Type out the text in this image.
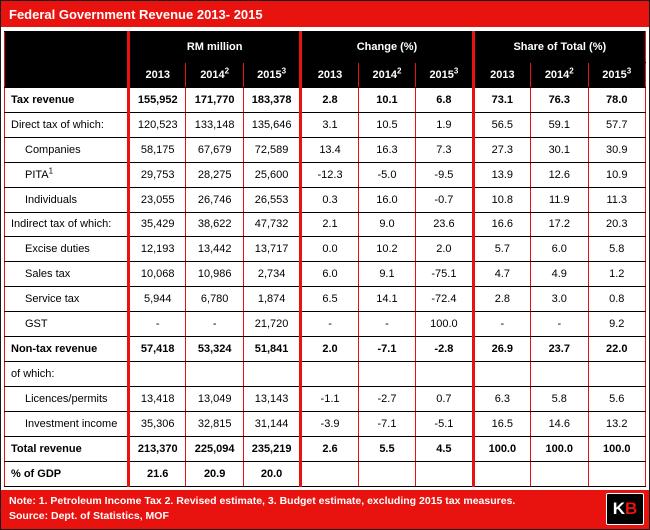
Federal Government Revenue 2013- 2015
	RM million			Change (%)			Share of Total (%)		
	2013	2014$^2$	2015$^3$	2013	2014$^2$	2015$^3$	2013	2014$^2$	2015$^3$
Tax revenue	155,952	171,770	183,378	2.8	10.1	6.8	73.1	76.3	78.0
Direct tax of which:	120,523	133,148	135,646	3.1	10.5	1.9	56.5	59.1	57.7
Companies	58,175	67,679	72,589	13.4	16.3	7.3	27.3	30.1	30.9
PITA$^1$	29,753	28,275	25,600	-12.3	-5.0	-9.5	13.9	12.6	10.9
Individuals	23,055	26,746	26,553	0.3	16.0	-0.7	10.8	11.9	11.3
Indirect tax of which:	35,429	38,622	47,732	2.1	9.0	23.6	16.6	17.2	20.3
Excise duties	12,193	13,442	13,717	0.0	10.2	2.0	5.7	6.0	5.8
Sales tax	10,068	10,986	2,734	6.0	9.1	-75.1	4.7	4.9	1.2
Service tax	5,944	6,780	1,874	6.5	14.1	-72.4	2.8	3.0	0.8
GST	-	-	21,720	-	-	100.0	-	-	9.2
Non-tax revenue	57,418	53,324	51,841	2.0	-7.1	-2.8	26.9	23.7	22.0
of which:									
Licences/permits	13,418	13,049	13,143	-1.1	-2.7	0.7	6.3	5.8	5.6
Investment income	35,306	32,815	31,144	-3.9	-7.1	-5.1	16.5	14.6	13.2
Total revenue	213,370	225,094	235,219	2.6	5.5	4.5	100.0	100.0	100.0
% of GDP	21.6	20.9	20.0						
Note: 1. Petroleum Income Tax 2. Revised estimate, 3. Budget estimate, excluding 2015 tax measures.
Source: Dept. of Statistics, MOF	K B
